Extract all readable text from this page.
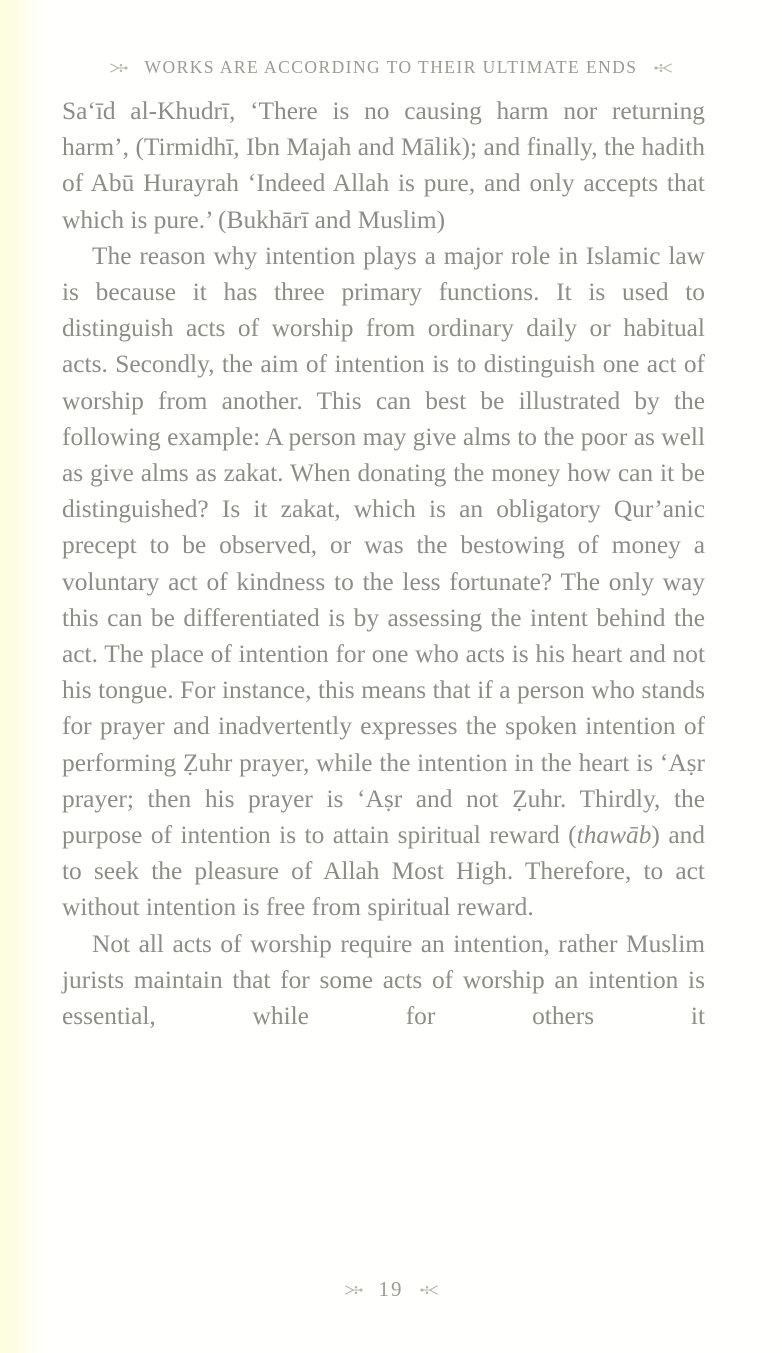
WORKS ARE ACCORDING TO THEIR ULTIMATE ENDS

Sa‘īd al-Khudrī, ‘There is no causing harm nor returning harm’, (Tirmidhī, Ibn Majah and Mālik); and finally, the hadith of Abū Hurayrah ‘Indeed Allah is pure, and only accepts that which is pure.’ (Bukhārī and Muslim)

The reason why intention plays a major role in Islamic law is because it has three primary functions. It is used to distinguish acts of worship from ordinary daily or habitual acts. Secondly, the aim of intention is to distinguish one act of worship from another. This can best be illustrated by the following example: A person may give alms to the poor as well as give alms as zakat. When donating the money how can it be distinguished? Is it zakat, which is an obligatory Qur’anic precept to be observed, or was the bestowing of money a voluntary act of kindness to the less fortunate? The only way this can be differentiated is by assessing the intent behind the act. The place of intention for one who acts is his heart and not his tongue. For instance, this means that if a person who stands for prayer and inadvertently expresses the spoken intention of performing Ẓuhr prayer, while the intention in the heart is ‘Aṣr prayer; then his prayer is ‘Aṣr and not Ẓuhr. Thirdly, the purpose of intention is to attain spiritual reward (thawāb) and to seek the pleasure of Allah Most High. Therefore, to act without intention is free from spiritual reward.

Not all acts of worship require an intention, rather Muslim jurists maintain that for some acts of worship an intention is essential, while for others it

19
